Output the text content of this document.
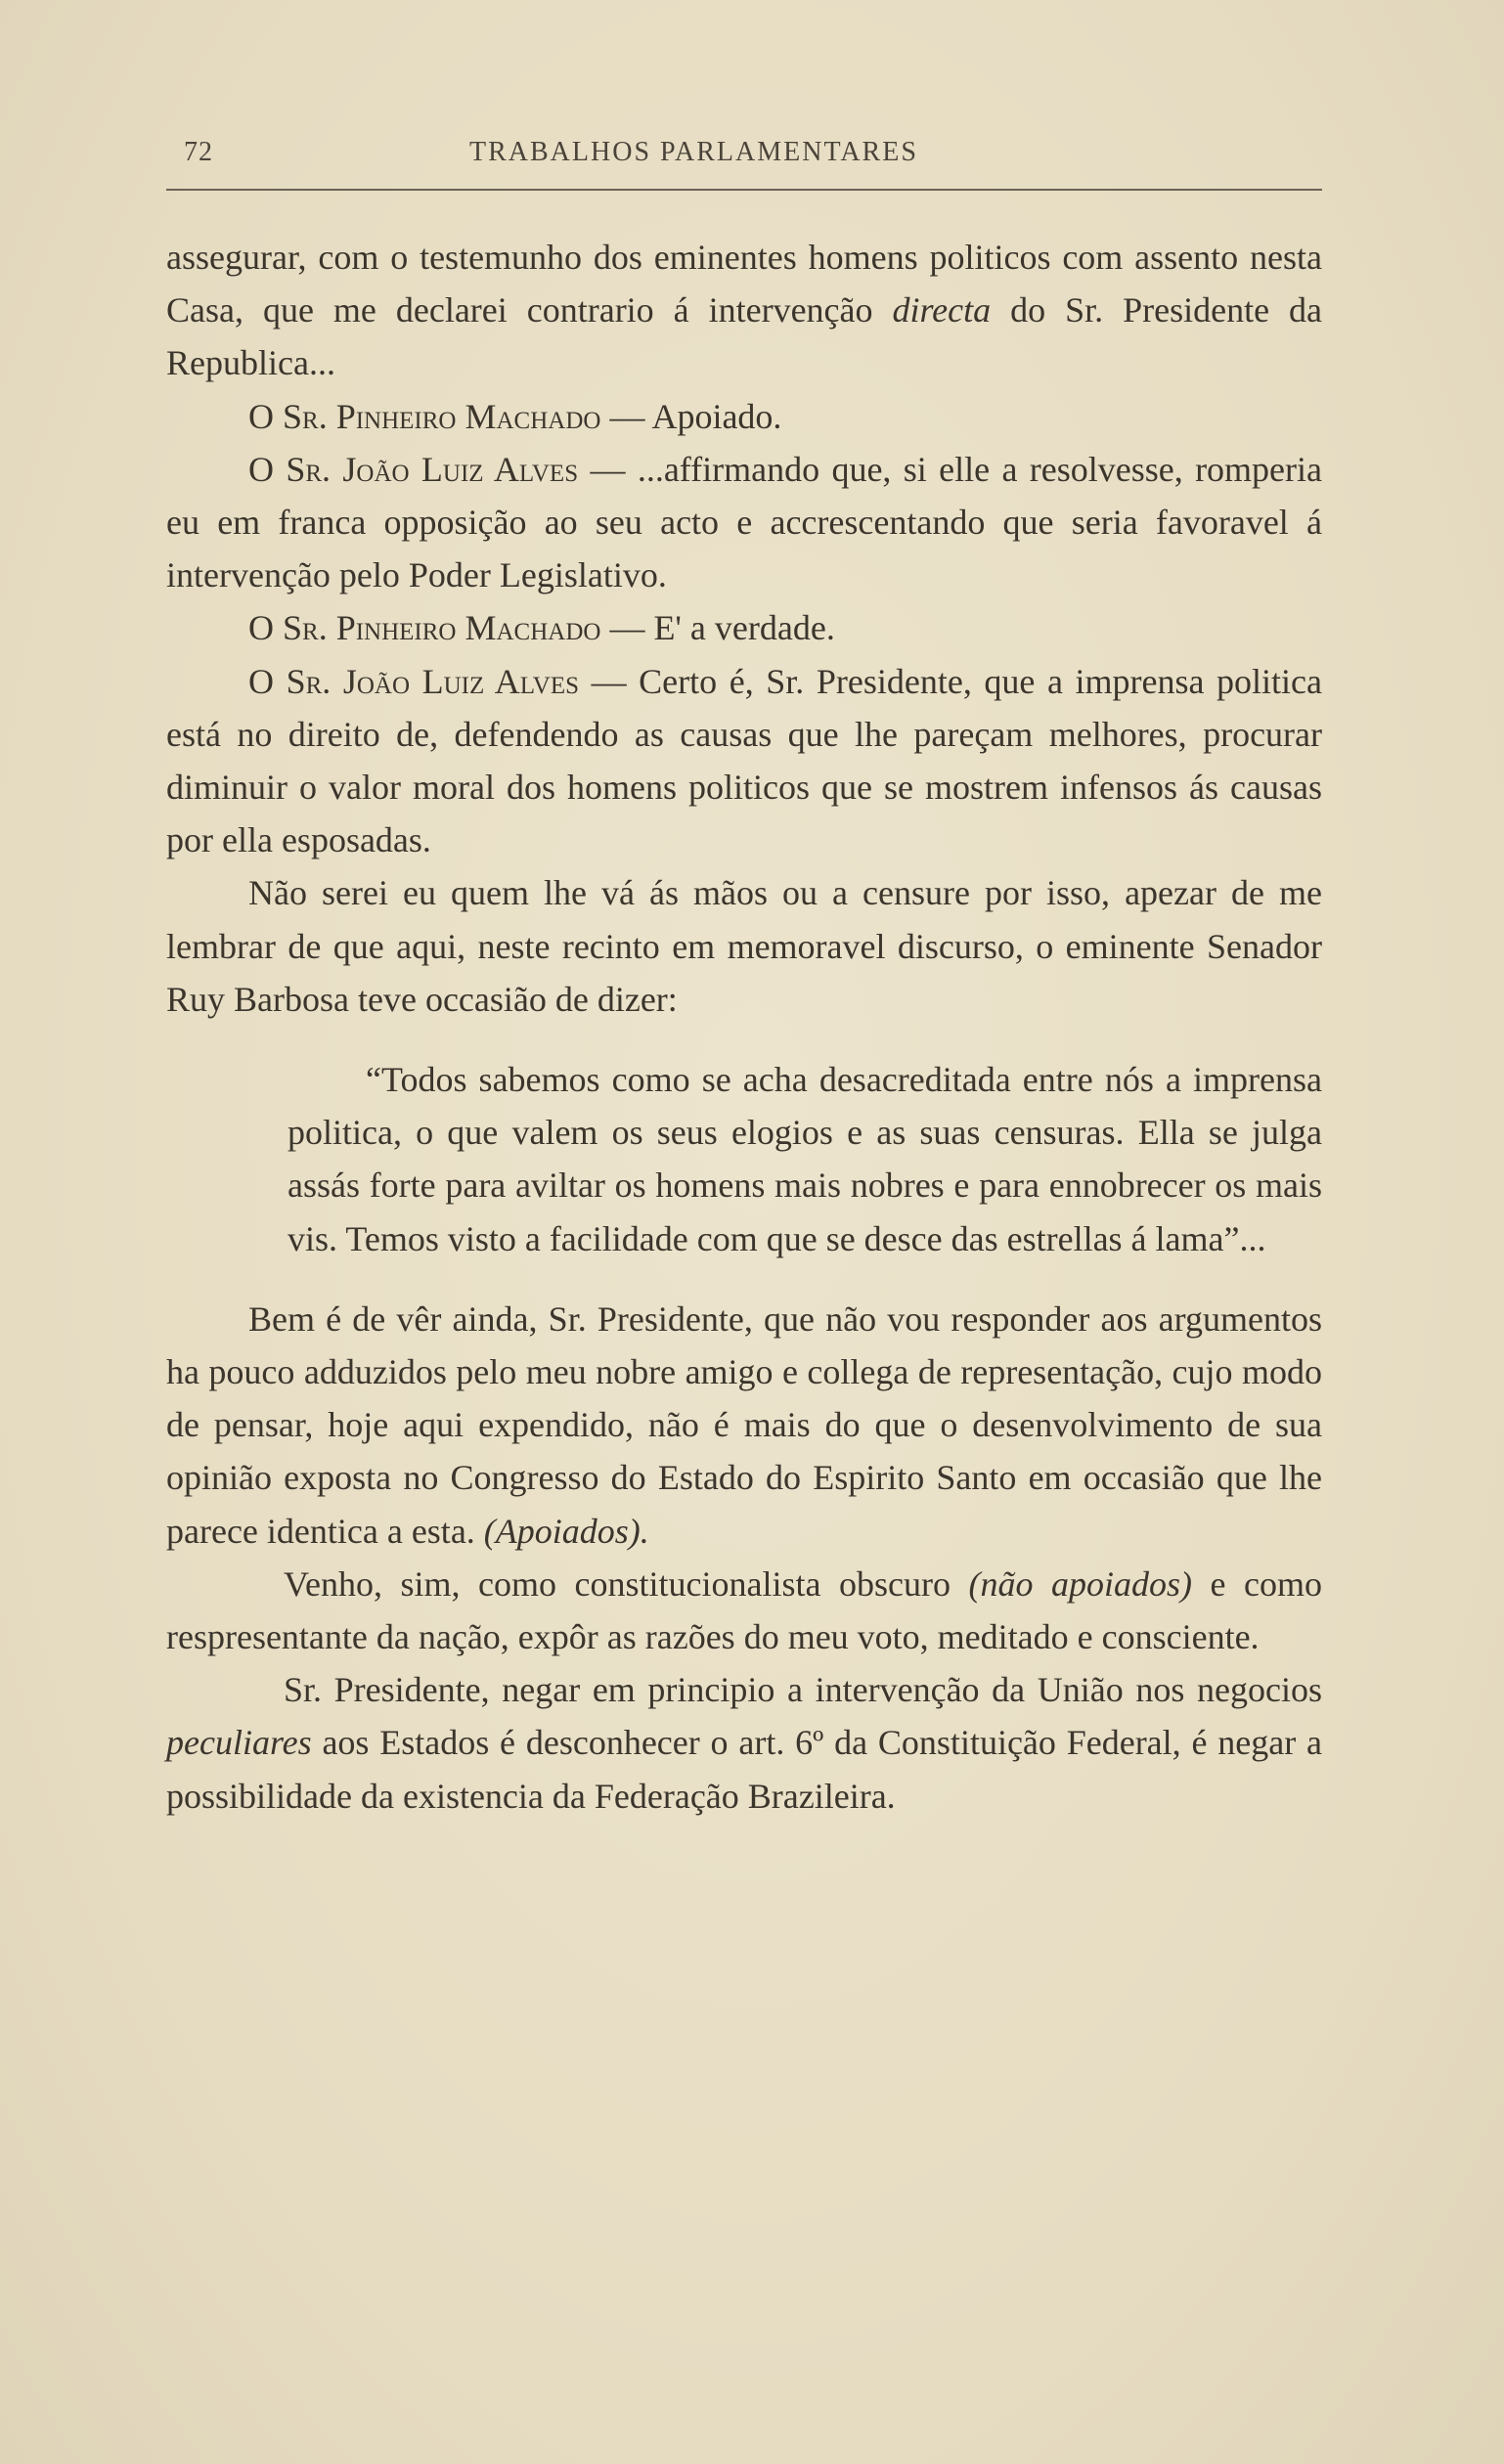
72	TRABALHOS PARLAMENTARES

assegurar, com o testemunho dos eminentes homens politicos com assento nesta Casa, que me declarei contrario á intervenção directa do Sr. Presidente da Republica...

O Sr. Pinheiro Machado — Apoiado.

O Sr. João Luiz Alves — ...affirmando que, si elle a resolvesse, romperia eu em franca opposição ao seu acto e accrescentando que seria favoravel á intervenção pelo Poder Legislativo.

O Sr. Pinheiro Machado — E' a verdade.

O Sr. João Luiz Alves — Certo é, Sr. Presidente, que a imprensa politica está no direito de, defendendo as causas que lhe pareçam melhores, procurar diminuir o valor moral dos homens politicos que se mostrem infensos ás causas por ella esposadas.

Não serei eu quem lhe vá ás mãos ou a censure por isso, apezar de me lembrar de que aqui, neste recinto em memoravel discurso, o eminente Senador Ruy Barbosa teve occasião de dizer:

“Todos sabemos como se acha desacreditada entre nós a imprensa politica, o que valem os seus elogios e as suas censuras. Ella se julga assás forte para aviltar os homens mais nobres e para ennobrecer os mais vis. Temos visto a facilidade com que se desce das estrellas á lama”...

Bem é de vêr ainda, Sr. Presidente, que não vou responder aos argumentos ha pouco adduzidos pelo meu nobre amigo e collega de representação, cujo modo de pensar, hoje aqui expendido, não é mais do que o desenvolvimento de sua opinião exposta no Congresso do Estado do Espirito Santo em occasião que lhe parece identica a esta. (Apoiados).

Venho, sim, como constitucionalista obscuro (não apoiados) e como respresentante da nação, expôr as razões do meu voto, meditado e consciente.

Sr. Presidente, negar em principio a intervenção da União nos negocios peculiares aos Estados é desconhecer o art. 6º da Constituição Federal, é negar a possibilidade da existencia da Federação Brazileira.
